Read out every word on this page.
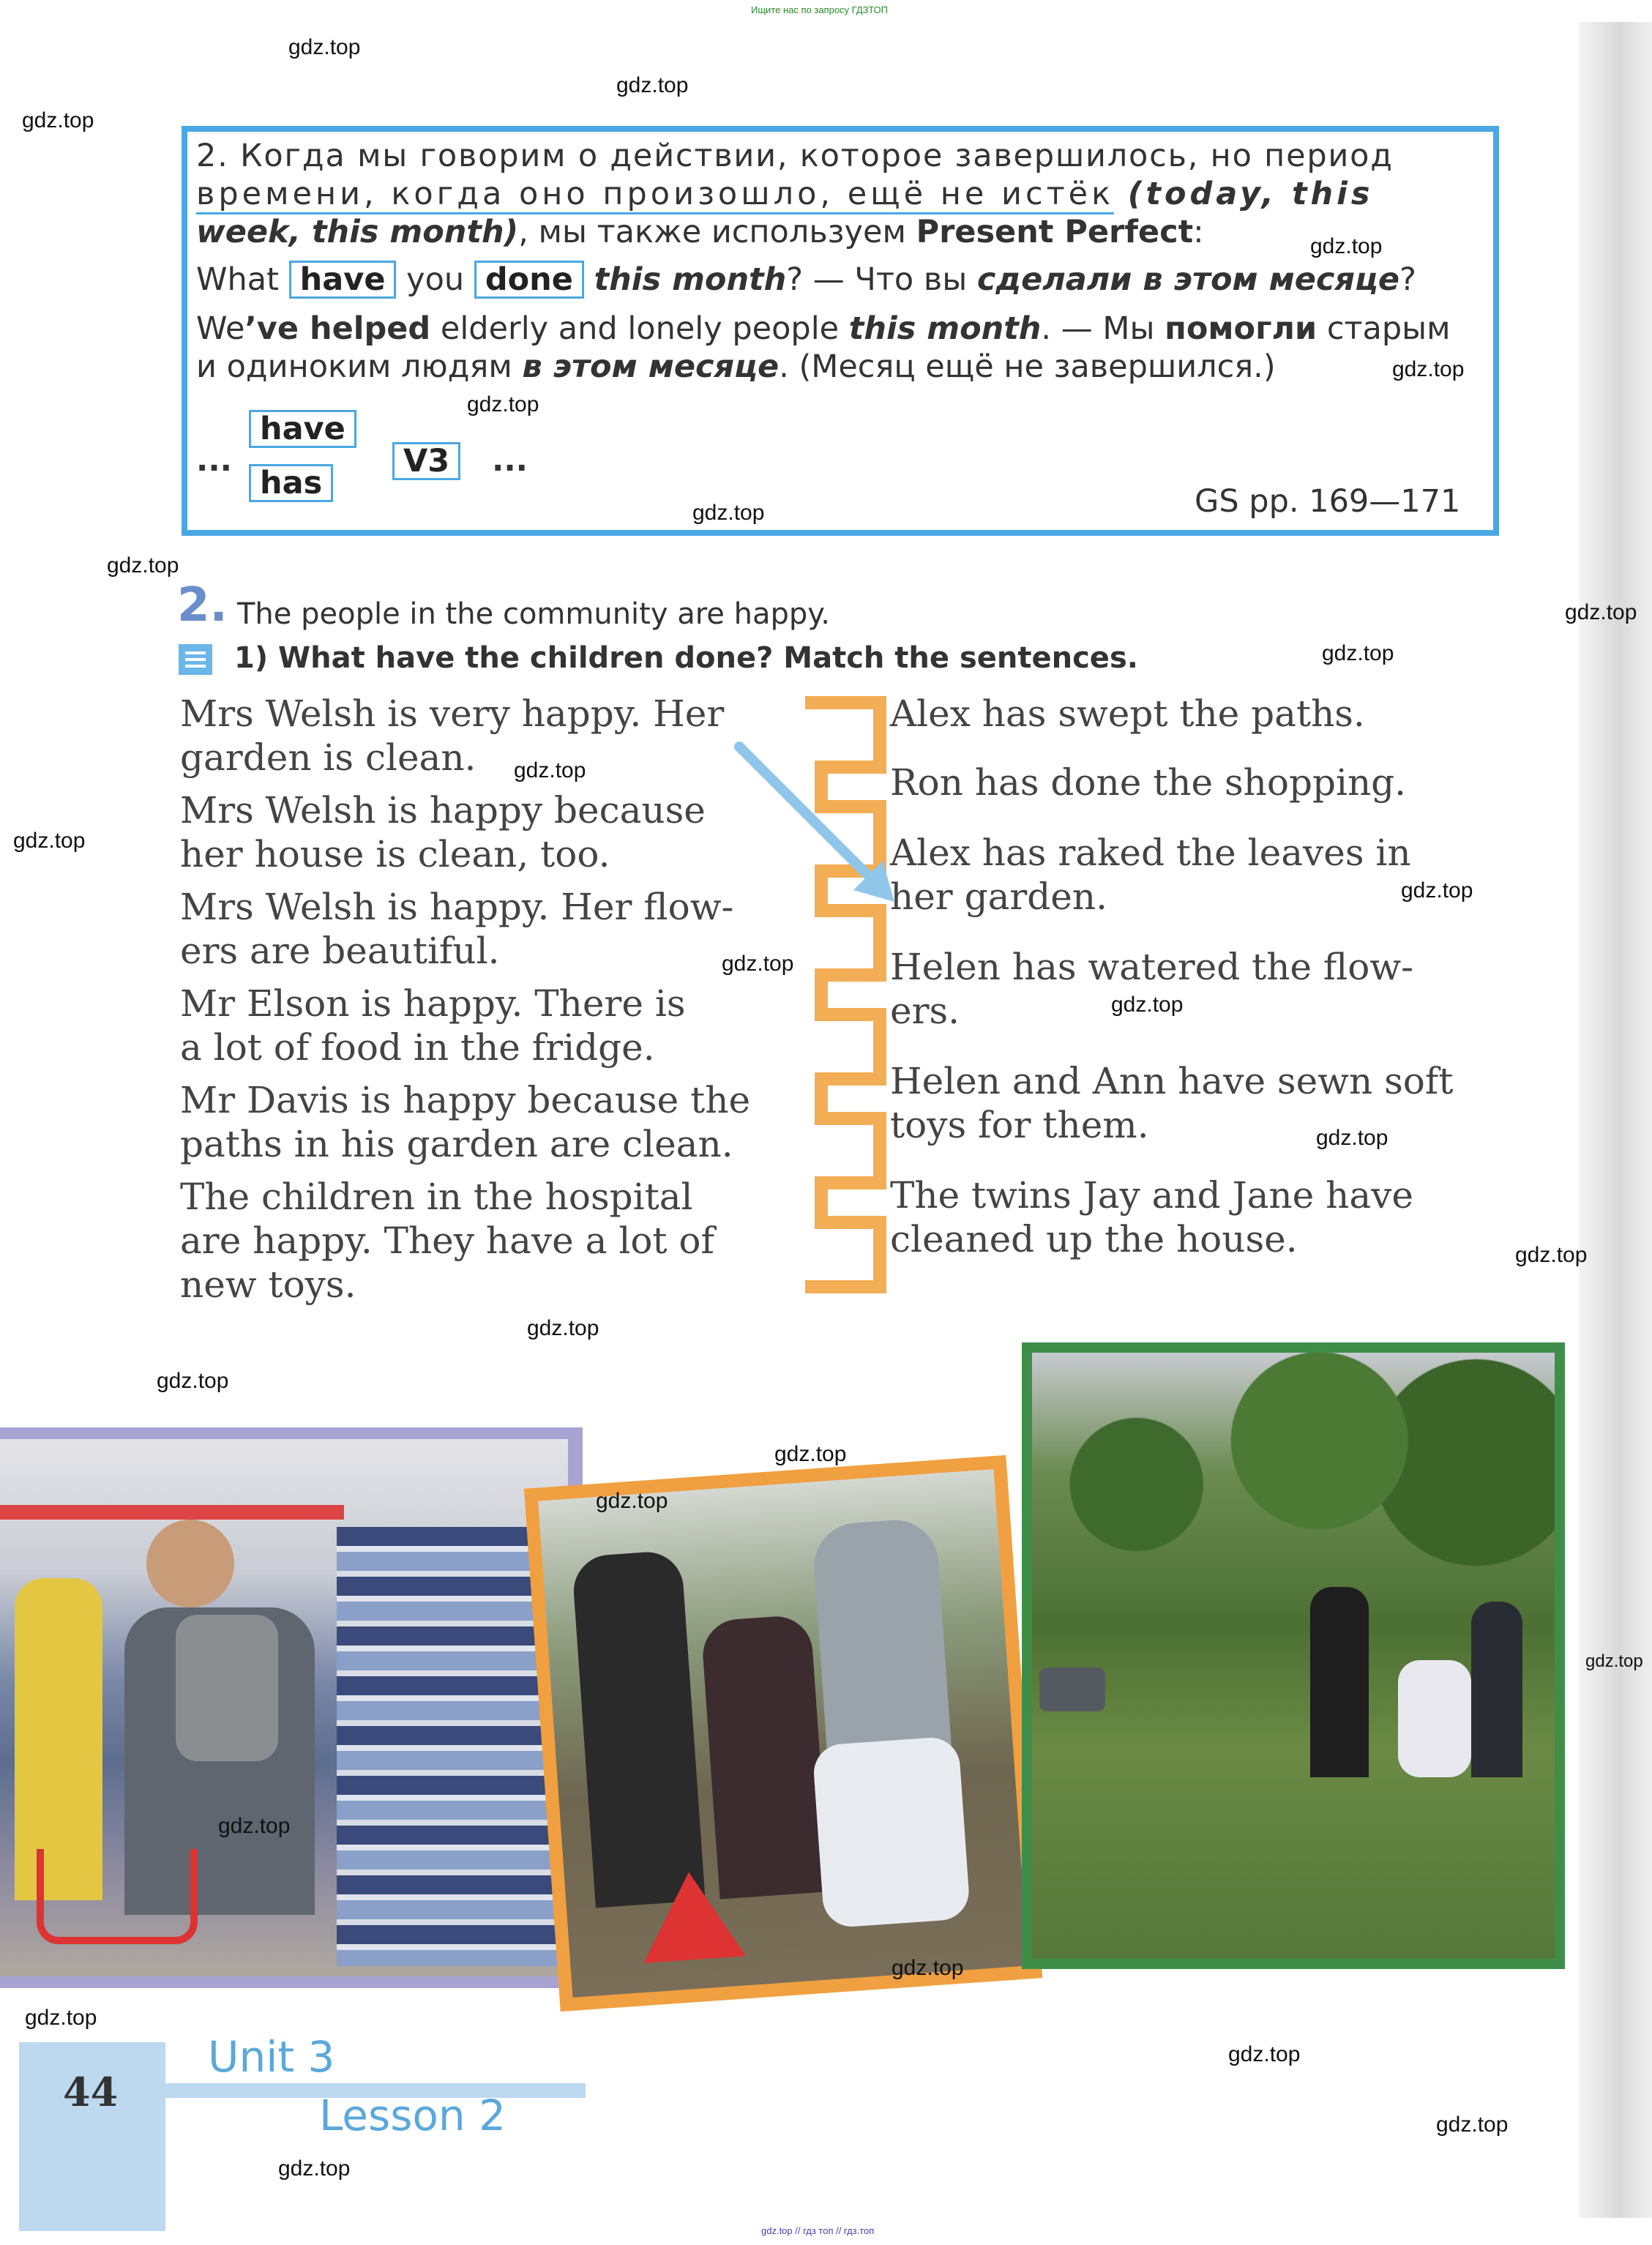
Ищите нас по запросу ГДЗТОП
2. Когда мы говорим о действии, которое завершилось, но период
времени, когда оно произошло, ещё не истёк (today, this
week, this month), мы также используем Present Perfect:
What have you done this month? — Что вы сделали в этом месяце?
We’ve helped elderly and lonely people this month. — Мы помогли старым
и одиноким людям в этом месяце. (Месяц ещё не завершился.)
have
has
...	V3	...
GS pp. 169—171
2. The people in the community are happy.
1) What have the children done? Match the sentences.
Mrs Welsh is very happy. Her
garden is clean.
Mrs Welsh is happy because
her house is clean, too.
Mrs Welsh is happy. Her flow-
ers are beautiful.
Mr Elson is happy. There is
a lot of food in the fridge.
Mr Davis is happy because the
paths in his garden are clean.
The children in the hospital
are happy. They have a lot of
new toys.
Alex has swept the paths.
Ron has done the shopping.
Alex has raked the leaves in
her garden.
Helen has watered the flow-
ers.
Helen and Ann have sewn soft
toys for them.
The twins Jay and Jane have
cleaned up the house.
44
Unit 3
Lesson 2
gdz.top // гдз топ // гдз.топ
gdz.top
gdz.top
gdz.top
gdz.top
gdz.top
gdz.top
gdz.top
gdz.top
gdz.top
gdz.top
gdz.top
gdz.top
gdz.top
gdz.top
gdz.top
gdz.top
gdz.top
gdz.top
gdz.top
gdz.top
gdz.top
gdz.top
gdz.top
gdz.top
gdz.top
gdz.top
gdz.top
gdz.top
